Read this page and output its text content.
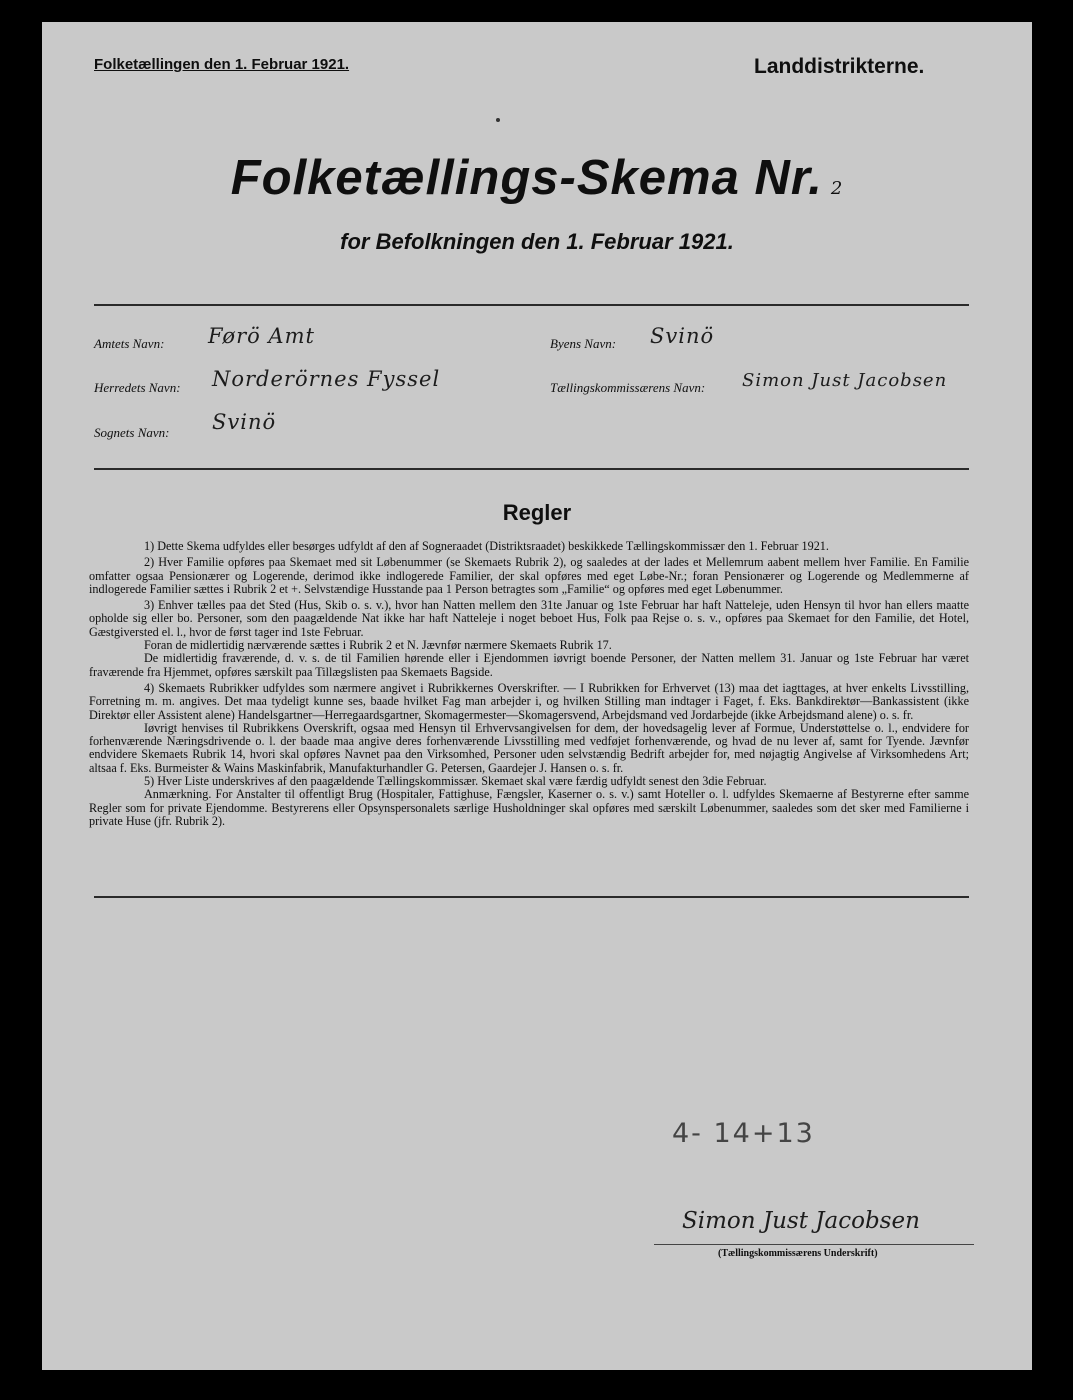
Folketællingen den 1. Februar 1921.	Landdistrikterne.
Folketællings-Skema Nr. 2
for Befolkningen den 1. Februar 1921.
Amtets Navn: Førö Amt	Byens Navn: Svinö
Herredets Navn: Norderörnes Fyssel	Tællingskommissærens Navn: Simon Just Jacobsen
Sognets Navn: Svinö
Regler

1) Dette Skema udfyldes eller besørges udfyldt af den af Sogneraadet (Distriktsraadet) beskikkede Tællingskommissær den 1. Februar 1921.

2) Hver Familie opføres paa Skemaet med sit Løbenummer (se Skemaets Rubrik 2), og saaledes at der lades et Mellemrum aabent mellem hver Familie. En Familie omfatter ogsaa Pensionærer og Logerende, derimod ikke indlogerede Familier, der skal opføres med eget Løbe-Nr.; foran Pensionærer og Logerende og Medlemmerne af indlogerede Familier sættes i Rubrik 2 et +. Selvstændige Husstande paa 1 Person betragtes som „Familie“ og opføres med eget Løbenummer.

3) Enhver tælles paa det Sted (Hus, Skib o. s. v.), hvor han Natten mellem den 31te Januar og 1ste Februar har haft Natteleje, uden Hensyn til hvor han ellers maatte opholde sig eller bo. Personer, som den paagældende Nat ikke har haft Natteleje i noget beboet Hus, Folk paa Rejse o. s. v., opføres paa Skemaet for den Familie, det Hotel, Gæstgiversted el. l., hvor de først tager ind 1ste Februar.

Foran de midlertidig nærværende sættes i Rubrik 2 et N. Jævnfør nærmere Skemaets Rubrik 17.

De midlertidig fraværende, d. v. s. de til Familien hørende eller i Ejendommen iøvrigt boende Personer, der Natten mellem 31. Januar og 1ste Februar har været fraværende fra Hjemmet, opføres særskilt paa Tillægslisten paa Skemaets Bagside.

4) Skemaets Rubrikker udfyldes som nærmere angivet i Rubrikkernes Overskrifter. — I Rubrikken for Erhvervet (13) maa det iagttages, at hver enkelts Livsstilling, Forretning m. m. angives. Det maa tydeligt kunne ses, baade hvilket Fag man arbejder i, og hvilken Stilling man indtager i Faget, f. Eks. Bankdirektør—Bankassistent (ikke Direktør eller Assistent alene) Handelsgartner—Herregaardsgartner, Skomagermester—Skomagersvend, Arbejdsmand ved Jordarbejde (ikke Arbejdsmand alene) o. s. fr.

Iøvrigt henvises til Rubrikkens Overskrift, ogsaa med Hensyn til Erhvervsangivelsen for dem, der hovedsagelig lever af Formue, Understøttelse o. l., endvidere for forhenværende Næringsdrivende o. l. der baade maa angive deres forhenværende Livsstilling med vedføjet forhenværende, og hvad de nu lever af, samt for Tyende. Jævnfør endvidere Skemaets Rubrik 14, hvori skal opføres Navnet paa den Virksomhed, Personer uden selvstændig Bedrift arbejder for, med nøjagtig Angivelse af Virksomhedens Art; altsaa f. Eks. Burmeister & Wains Maskinfabrik, Manufakturhandler G. Petersen, Gaardejer J. Hansen o. s. fr.

5) Hver Liste underskrives af den paagældende Tællingskommissær. Skemaet skal være færdig udfyldt senest den 3die Februar.

Anmærkning. For Anstalter til offentligt Brug (Hospitaler, Fattighuse, Fængsler, Kaserner o. s. v.) samt Hoteller o. l. udfyldes Skemaerne af Bestyrerne efter samme Regler som for private Ejendomme. Bestyrerens eller Opsynspersonalets særlige Husholdninger skal opføres med særskilt Løbenummer, saaledes som det sker med Familierne i private Huse (jfr. Rubrik 2).

4- 14+13
Simon Just Jacobsen
(Tællingskommissærens Underskrift)
